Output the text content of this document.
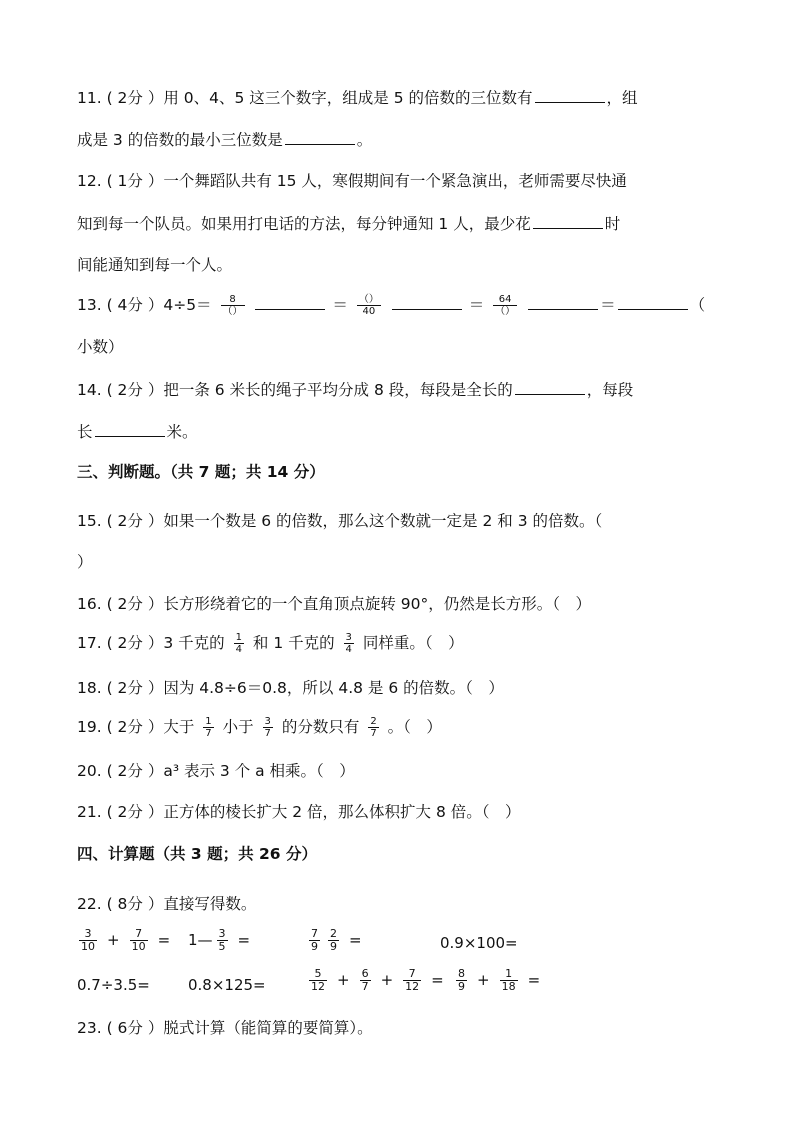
11. ( 2分 ）用 0、4、5 这三个数字，组成是 5 的倍数的三位数有	，组
成是 3 的倍数的最小三位数是	。
12. ( 1分 ）一个舞蹈队共有 15 人，寒假期间有一个紧急演出，老师需要尽快通
知到每一个队员。如果用打电话的方法，每分钟通知 1 人，最少花	时
间能通知到每一个人。
13. ( 4分 ）$4\div 5= \frac{8}{()}$	＝ $\frac{()}{40}$	＝ $\frac{64}{()}$	＝	（
小数）
14. ( 2分 ）把一条 6 米长的绳子平均分成 8 段，每段是全长的	，每段
长	米。
三、判断题。（共 7 题；共 14 分）
15. ( 2分 ）如果一个数是 6 的倍数，那么这个数就一定是 2 和 3 的倍数。（
）
16. ( 2分 ）长方形绕着它的一个直角顶点旋转 90°，仍然是长方形。（　）
17. ( 2分 ）3 千克的 $\frac{1}{4}$ 和 1 千克的 $\frac{3}{4}$ 同样重。（　）
18. ( 2分 ）因为 4.8÷6＝0.8，所以 4.8 是 6 的倍数。（　）
19. ( 2分 ）大于 $\frac{1}{7}$ 小于 $\frac{3}{7}$ 的分数只有 $\frac{2}{7}$ 。（　）
20. ( 2分 ）a³ 表示 3 个 a 相乘。（　）
21. ( 2分 ）正方体的棱长扩大 2 倍，那么体积扩大 8 倍。（　）
四、计算题（共 3 题；共 26 分）
22. ( 8分 ）直接写得数。
$\frac{3}{10} + \frac{7}{10}$ =	1— $\frac{3}{5}$ =	$\frac{7}{9} \frac{2}{9}$ =	0.9×100=
0.7÷3.5=	0.8×125=	$\frac{5}{12} + \frac{6}{7} + \frac{7}{12}$ =	$\frac{8}{9} + \frac{1}{18}$ =
23. ( 6分 ）脱式计算（能简算的要简算）。
